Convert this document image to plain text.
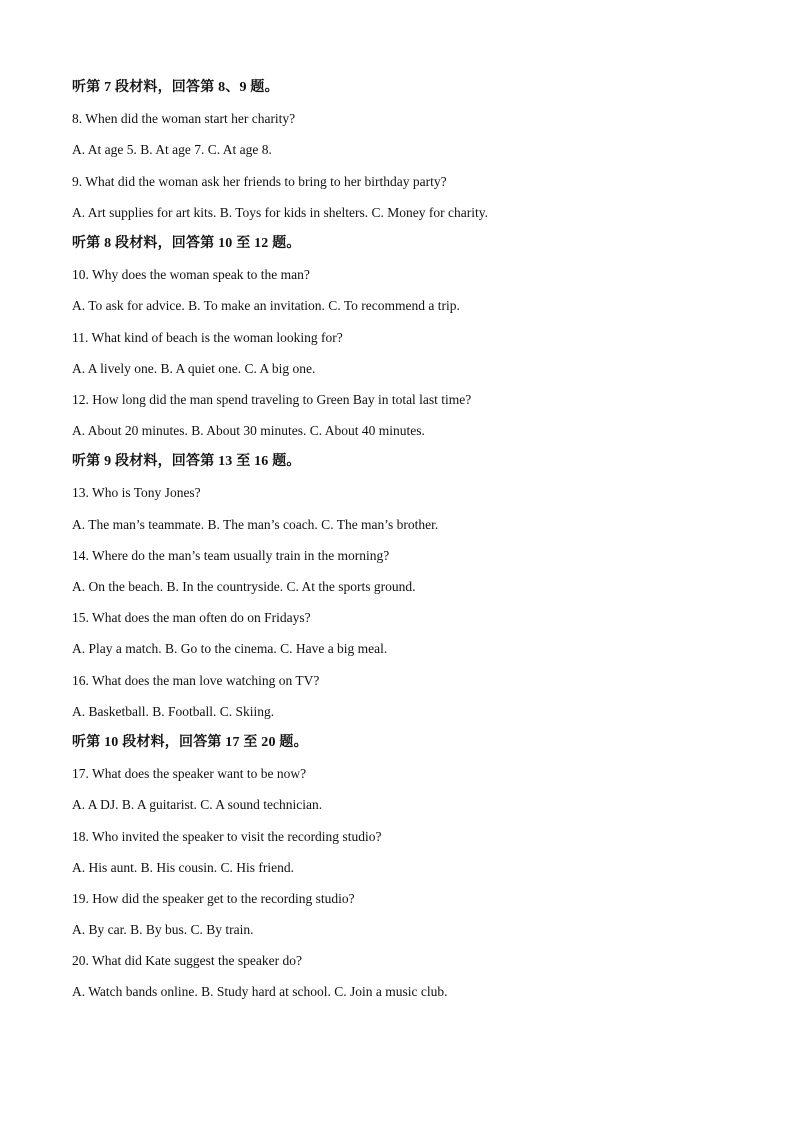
听第 7 段材料，回答第 8、9 题。
8. When did the woman start her charity?
A. At age 5. B. At age 7. C. At age 8.
9. What did the woman ask her friends to bring to her birthday party?
A. Art supplies for art kits. B. Toys for kids in shelters. C. Money for charity.
听第 8 段材料，回答第 10 至 12 题。
10. Why does the woman speak to the man?
A. To ask for advice. B. To make an invitation. C. To recommend a trip.
11. What kind of beach is the woman looking for?
A. A lively one. B. A quiet one. C. A big one.
12. How long did the man spend traveling to Green Bay in total last time?
A. About 20 minutes. B. About 30 minutes. C. About 40 minutes.
听第 9 段材料，回答第 13 至 16 题。
13. Who is Tony Jones?
A. The man’s teammate. B. The man’s coach. C. The man’s brother.
14. Where do the man’s team usually train in the morning?
A. On the beach. B. In the countryside. C. At the sports ground.
15. What does the man often do on Fridays?
A. Play a match. B. Go to the cinema. C. Have a big meal.
16. What does the man love watching on TV?
A. Basketball. B. Football. C. Skiing.
听第 10 段材料，回答第 17 至 20 题。
17. What does the speaker want to be now?
A. A DJ. B. A guitarist. C. A sound technician.
18. Who invited the speaker to visit the recording studio?
A. His aunt. B. His cousin. C. His friend.
19. How did the speaker get to the recording studio?
A. By car. B. By bus. C. By train.
20. What did Kate suggest the speaker do?
A. Watch bands online. B. Study hard at school. C. Join a music club.
